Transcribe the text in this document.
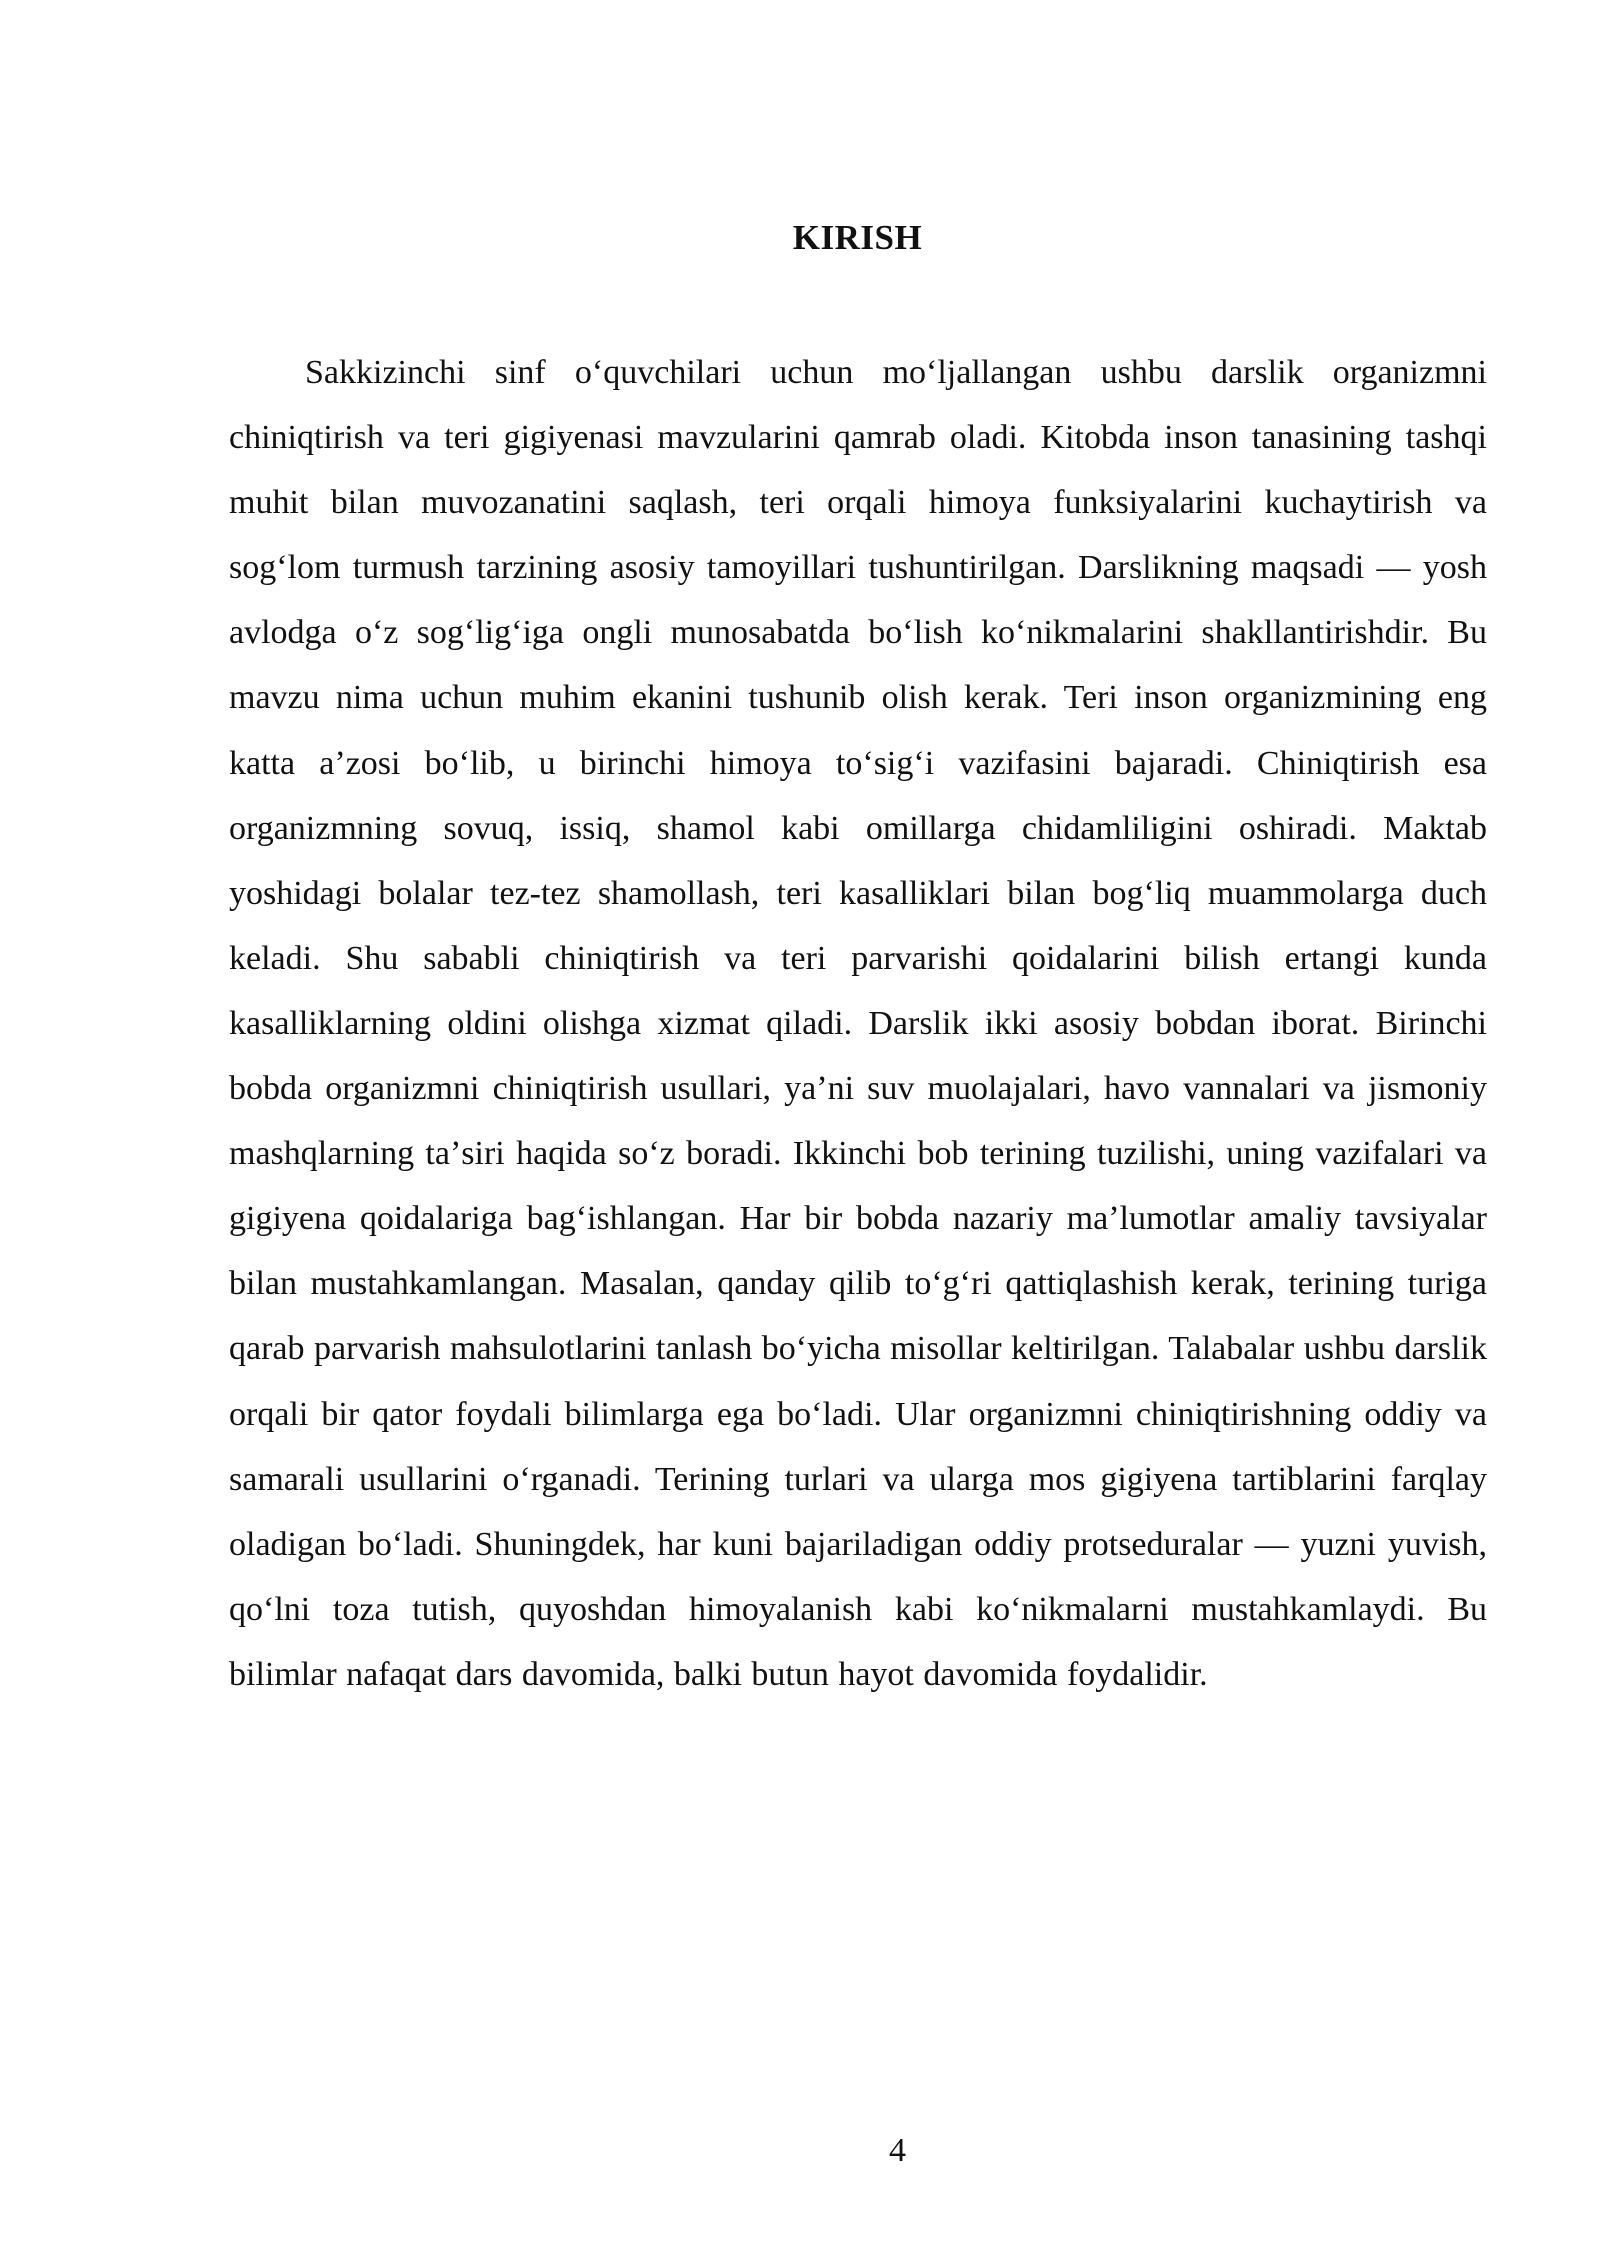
KIRISH

Sakkizinchi sinf oʻquvchilari uchun moʻljallangan ushbu darslik organizmni chiniqtirish va teri gigiyenasi mavzularini qamrab oladi. Kitobda inson tanasining tashqi muhit bilan muvozanatini saqlash, teri orqali himoya funksiyalarini kuchaytirish va sogʻlom turmush tarzining asosiy tamoyillari tushuntirilgan. Darslikning maqsadi — yosh avlodga oʻz sogʻligʻiga ongli munosabatda boʻlish koʻnikmalarini shakllantirishdir. Bu mavzu nima uchun muhim ekanini tushunib olish kerak. Teri inson organizmining eng katta aʼzosi boʻlib, u birinchi himoya toʻsigʻi vazifasini bajaradi. Chiniqtirish esa organizmning sovuq, issiq, shamol kabi omillarga chidamliligini oshiradi. Maktab yoshidagi bolalar tez-tez shamollash, teri kasalliklari bilan bogʻliq muammolarga duch keladi. Shu sababli chiniqtirish va teri parvarishi qoidalarini bilish ertangi kunda kasalliklarning oldini olishga xizmat qiladi. Darslik ikki asosiy bobdan iborat. Birinchi bobda organizmni chiniqtirish usullari, yaʼni suv muolajalari, havo vannalari va jismoniy mashqlarning taʼsiri haqida soʻz boradi. Ikkinchi bob terining tuzilishi, uning vazifalari va gigiyena qoidalariga bagʻishlangan. Har bir bobda nazariy maʼlumotlar amaliy tavsiyalar bilan mustahkamlangan. Masalan, qanday qilib toʻgʻri qattiqlashish kerak, terining turiga qarab parvarish mahsulotlarini tanlash boʻyicha misollar keltirilgan. Talabalar ushbu darslik orqali bir qator foydali bilimlarga ega boʻladi. Ular organizmni chiniqtirishning oddiy va samarali usullarini oʻrganadi. Terining turlari va ularga mos gigiyena tartiblarini farqlay oladigan boʻladi. Shuningdek, har kuni bajariladigan oddiy protseduralar — yuzni yuvish, qoʻlni toza tutish, quyoshdan himoyalanish kabi koʻnikmalarni mustahkamlaydi. Bu bilimlar nafaqat dars davomida, balki butun hayot davomida foydalidir.

4
